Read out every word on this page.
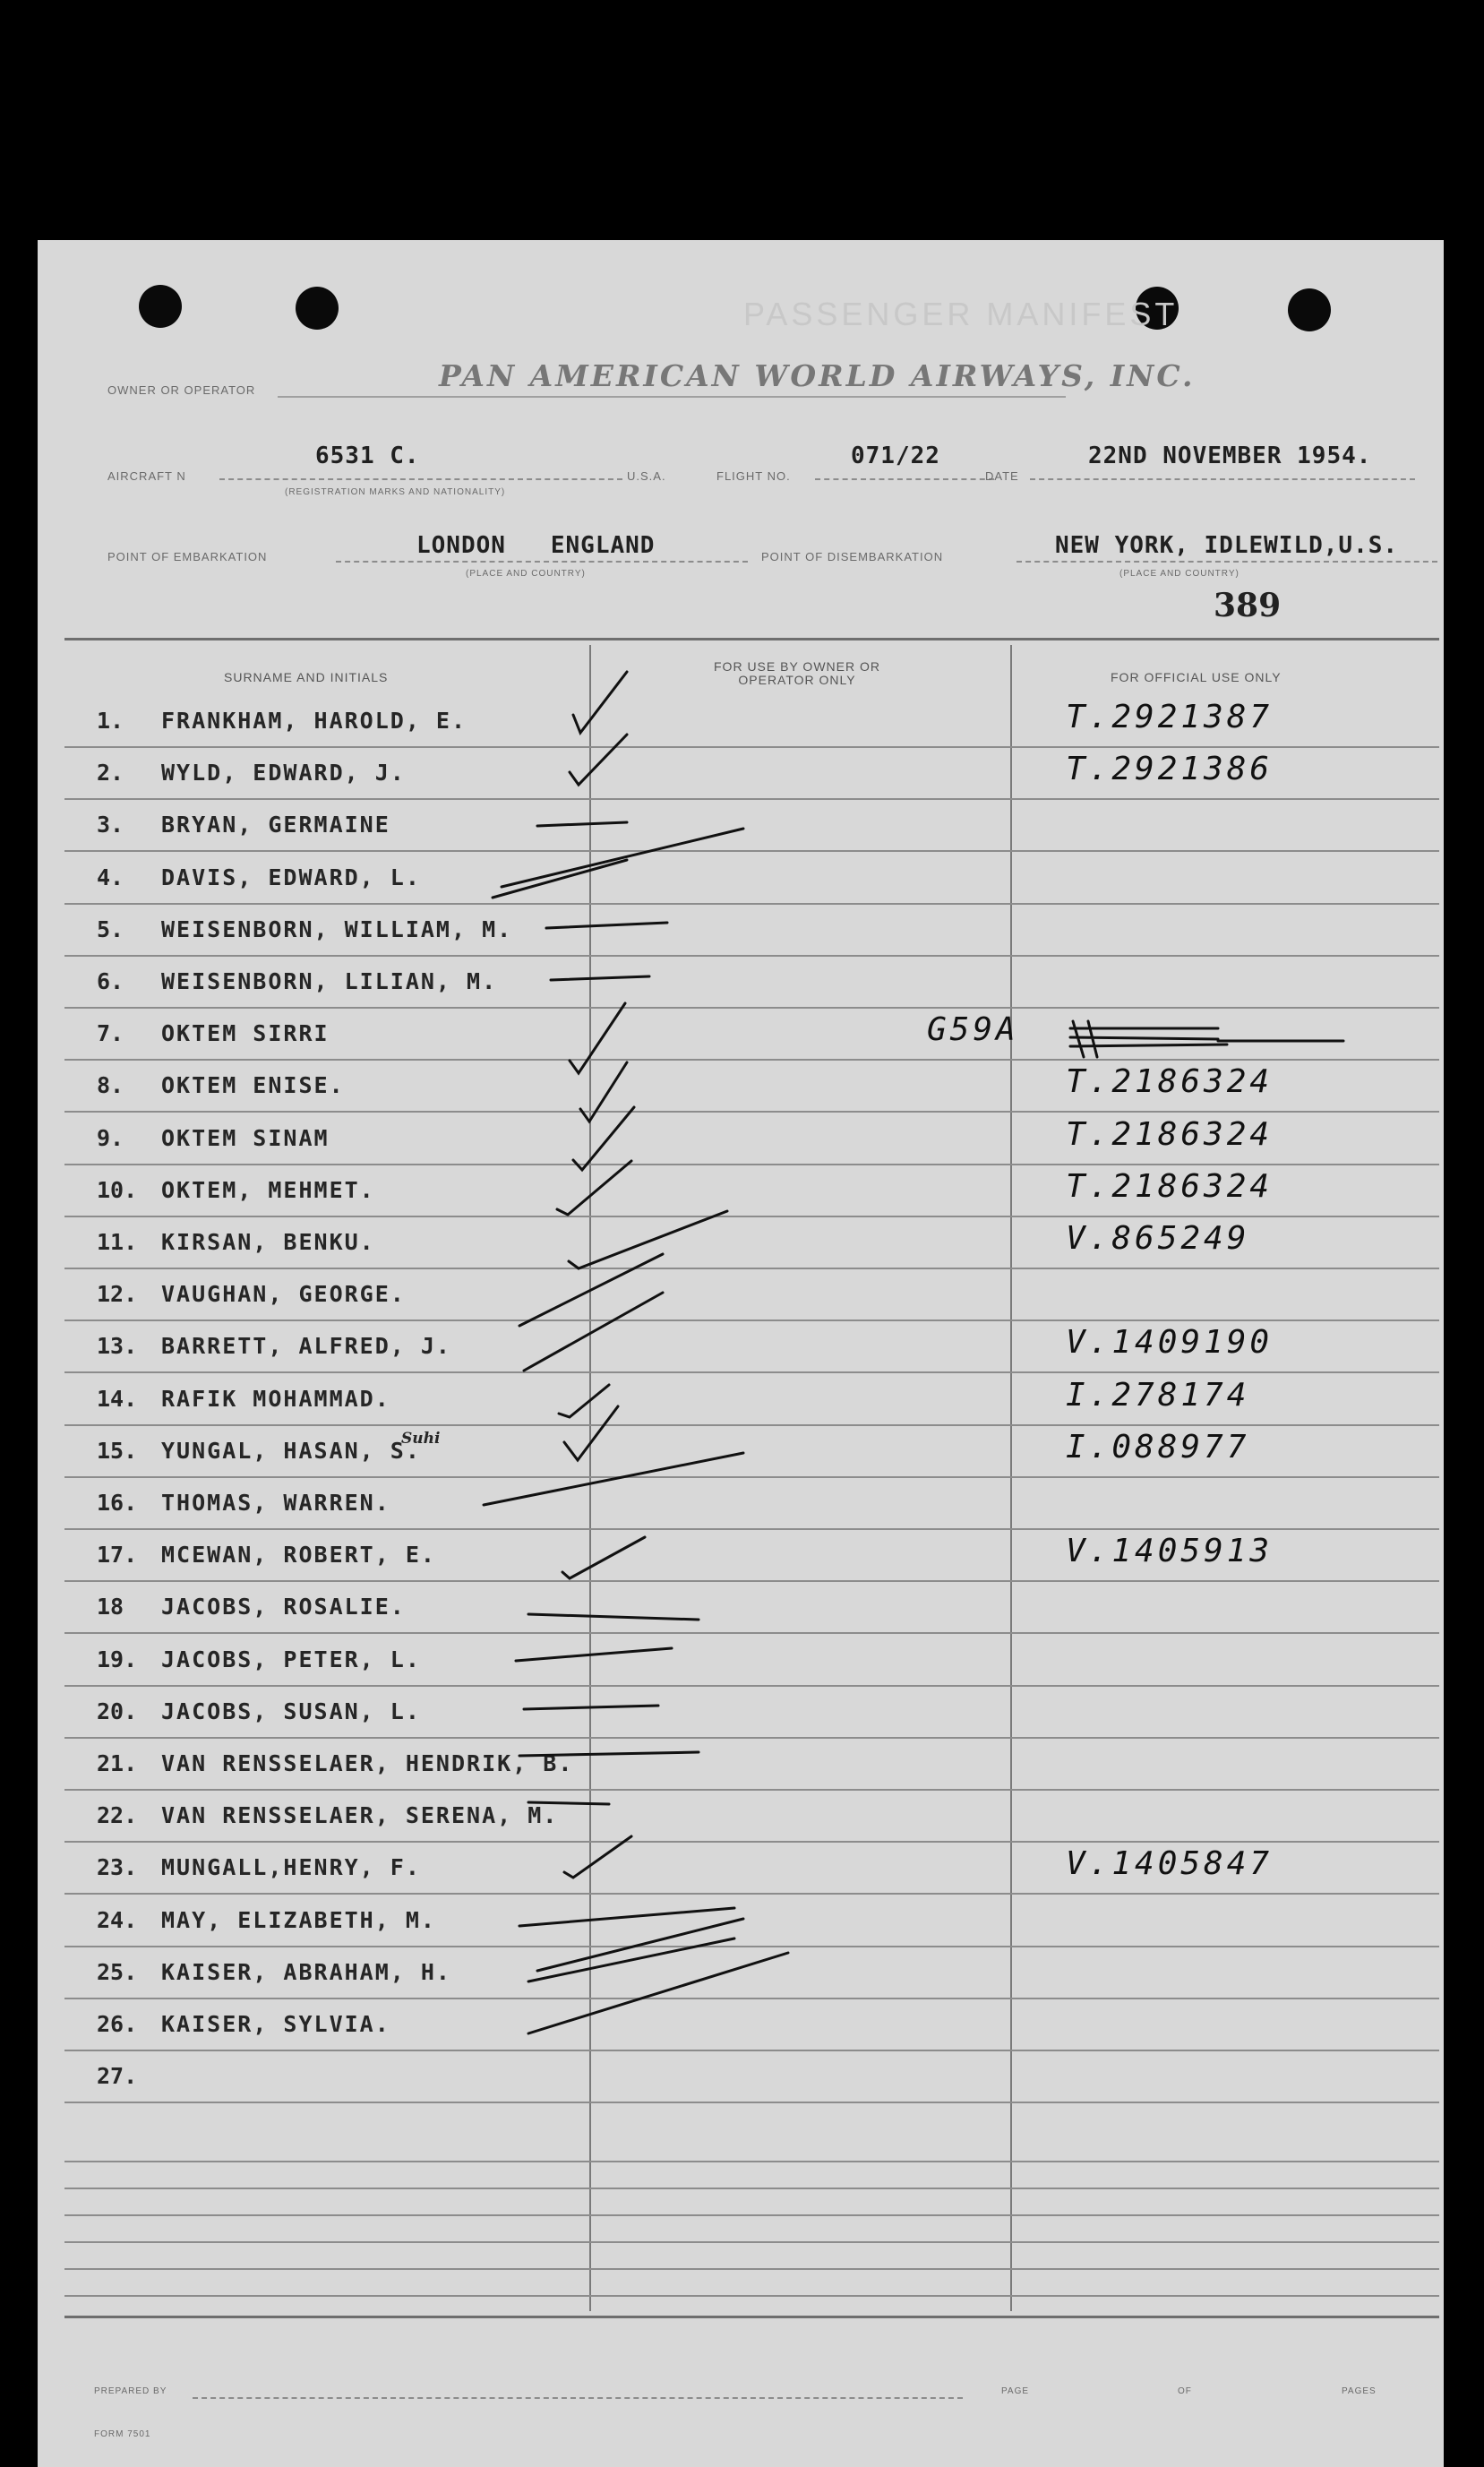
PASSENGER MANIFEST
OWNER OR OPERATOR	PAN AMERICAN WORLD AIRWAYS, INC.
AIRCRAFT N
6531 C.
(REGISTRATION MARKS AND NATIONALITY)
U.S.A.	FLIGHT NO.
071/22
DATE
22ND NOVEMBER 1954.
POINT OF EMBARKATION	LONDON   ENGLAND
(PLACE AND COUNTRY)
POINT OF DISEMBARKATION	NEW YORK, IDLEWILD,U.S.
(PLACE AND COUNTRY)
389
SURNAME AND INITIALS
FOR USE BY OWNER OR OPERATOR ONLY	FOR OFFICIAL USE ONLY
1. FRANKHAM, HAROLD, E.	T.2921387
2. WYLD, EDWARD, J.	T.2921386
3. BRYAN, GERMAINE
4. DAVIS, EDWARD, L.
5. WEISENBORN, WILLIAM, M.
6. WEISENBORN, LILIAN, M.
7. OKTEM SIRRI	G59A
8. OKTEM ENISE.	T.2186324
9. OKTEM SINAM	T.2186324
10. OKTEM, MEHMET.	T.2186324
11. KIRSAN, BENKU.	V.865249
12. VAUGHAN, GEORGE.
13. BARRETT, ALFRED, J.	V.1409190
14. RAFIK MOHAMMAD.	I.278174
15. YUNGAL, HASAN, S.	I.088977
16. THOMAS, WARREN.
17. MCEWAN, ROBERT, E.	V.1405913
18 JACOBS, ROSALIE.
19. JACOBS, PETER, L.
20. JACOBS, SUSAN, L.
21. VAN RENSSELAER, HENDRIK, B.
22. VAN RENSSELAER, SERENA, M.
23. MUNGALL,HENRY, F.	V.1405847
24. MAY, ELIZABETH, M.
25. KAISER, ABRAHAM, H.
26. KAISER, SYLVIA.
27.
Suhi
PREPARED BY	PAGE	OF	PAGES
FORM 7501
